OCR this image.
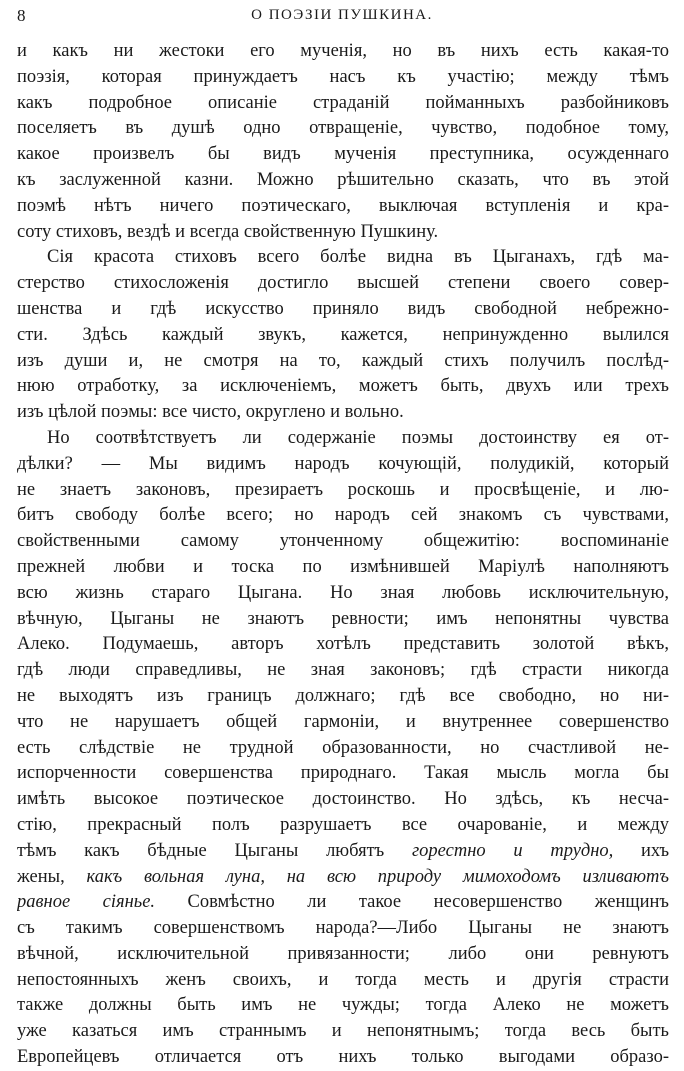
8	О ПОЭЗІИ ПУШКИНА.
и какъ ни жестоки его мученія, но въ нихъ есть какая-то
поэзія, которая принуждаетъ насъ къ участію; между тѣмъ
какъ подробное описаніе страданій пойманныхъ разбойниковъ
поселяетъ въ душѣ одно отвращеніе, чувство, подобное тому,
какое произвелъ бы видъ мученія преступника, осужденнаго
къ заслуженной казни. Можно рѣшительно сказать, что въ этой
поэмѣ нѣтъ ничего поэтическаго, выключая вступленія и кра-
соту стиховъ, вездѣ и всегда свойственную Пушкину.
Сія красота стиховъ всего болѣе видна въ Цыганахъ, гдѣ ма-
стерство стихосложенія достигло высшей степени своего совер-
шенства и гдѣ искусство приняло видъ свободной небрежно-
сти. Здѣсь каждый звукъ, кажется, непринужденно вылился
изъ души и, не смотря на то, каждый стихъ получилъ послѣд-
нюю отработку, за исключеніемъ, можетъ быть, двухъ или трехъ
изъ цѣлой поэмы: все чисто, округлено и вольно.
Но соотвѣтствуетъ ли содержаніе поэмы достоинству ея от-
дѣлки? — Мы видимъ народъ кочующій, полудикій, который
не знаетъ законовъ, презираетъ роскошь и просвѣщеніе, и лю-
битъ свободу болѣе всего; но народъ сей знакомъ съ чувствами,
свойственными самому утонченному общежитію: воспоминаніе
прежней любви и тоска по измѣнившей Маріулѣ наполняютъ
всю жизнь стараго Цыгана. Но зная любовь исключительную,
вѣчную, Цыганы не знаютъ ревности; имъ непонятны чувства
Алеко. Подумаешь, авторъ хотѣлъ представить золотой вѣкъ,
гдѣ люди справедливы, не зная законовъ; гдѣ страсти никогда
не выходятъ изъ границъ должнаго; гдѣ все свободно, но ни-
что не нарушаетъ общей гармоніи, и внутреннее совершенство
есть слѣдствіе не трудной образованности, но счастливой не-
испорченности совершенства природнаго. Такая мысль могла бы
имѣть высокое поэтическое достоинство. Но здѣсь, къ несча-
стію, прекрасный полъ разрушаетъ все очарованіе, и между
тѣмъ какъ бѣдные Цыганы любятъ горестно и трудно, ихъ
жены, какъ вольная луна, на всю природу мимоходомъ изливаютъ
равное сіянье. Совмѣстно ли такое несовершенство женщинъ
съ такимъ совершенствомъ народа?—Либо Цыганы не знаютъ
вѣчной, исключительной привязанности; либо они ревнуютъ
непостоянныхъ женъ своихъ, и тогда месть и другія страсти
также должны быть имъ не чужды; тогда Алеко не можетъ
уже казаться имъ страннымъ и непонятнымъ; тогда весь быть
Европейцевъ отличается отъ нихъ только выгодами образо-
